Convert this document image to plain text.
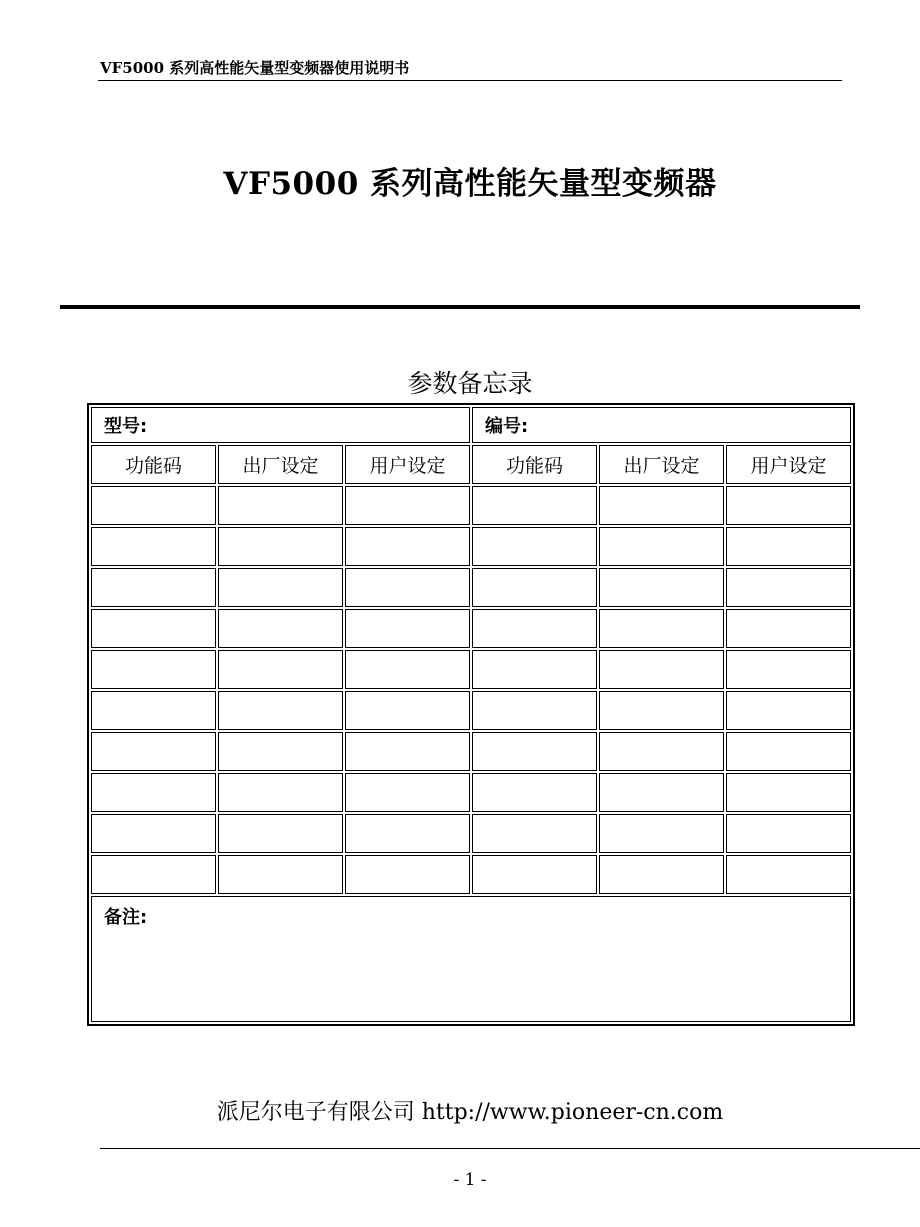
VF5000 系列高性能矢量型变频器使用说明书
VF5000 系列高性能矢量型变频器
参数备忘录
型号:			编号:		
功能码	出厂设定	用户设定	功能码	出厂设定	用户设定

备注:					
派尼尔电子有限公司 http://www.pioneer-cn.com
- 1 -
